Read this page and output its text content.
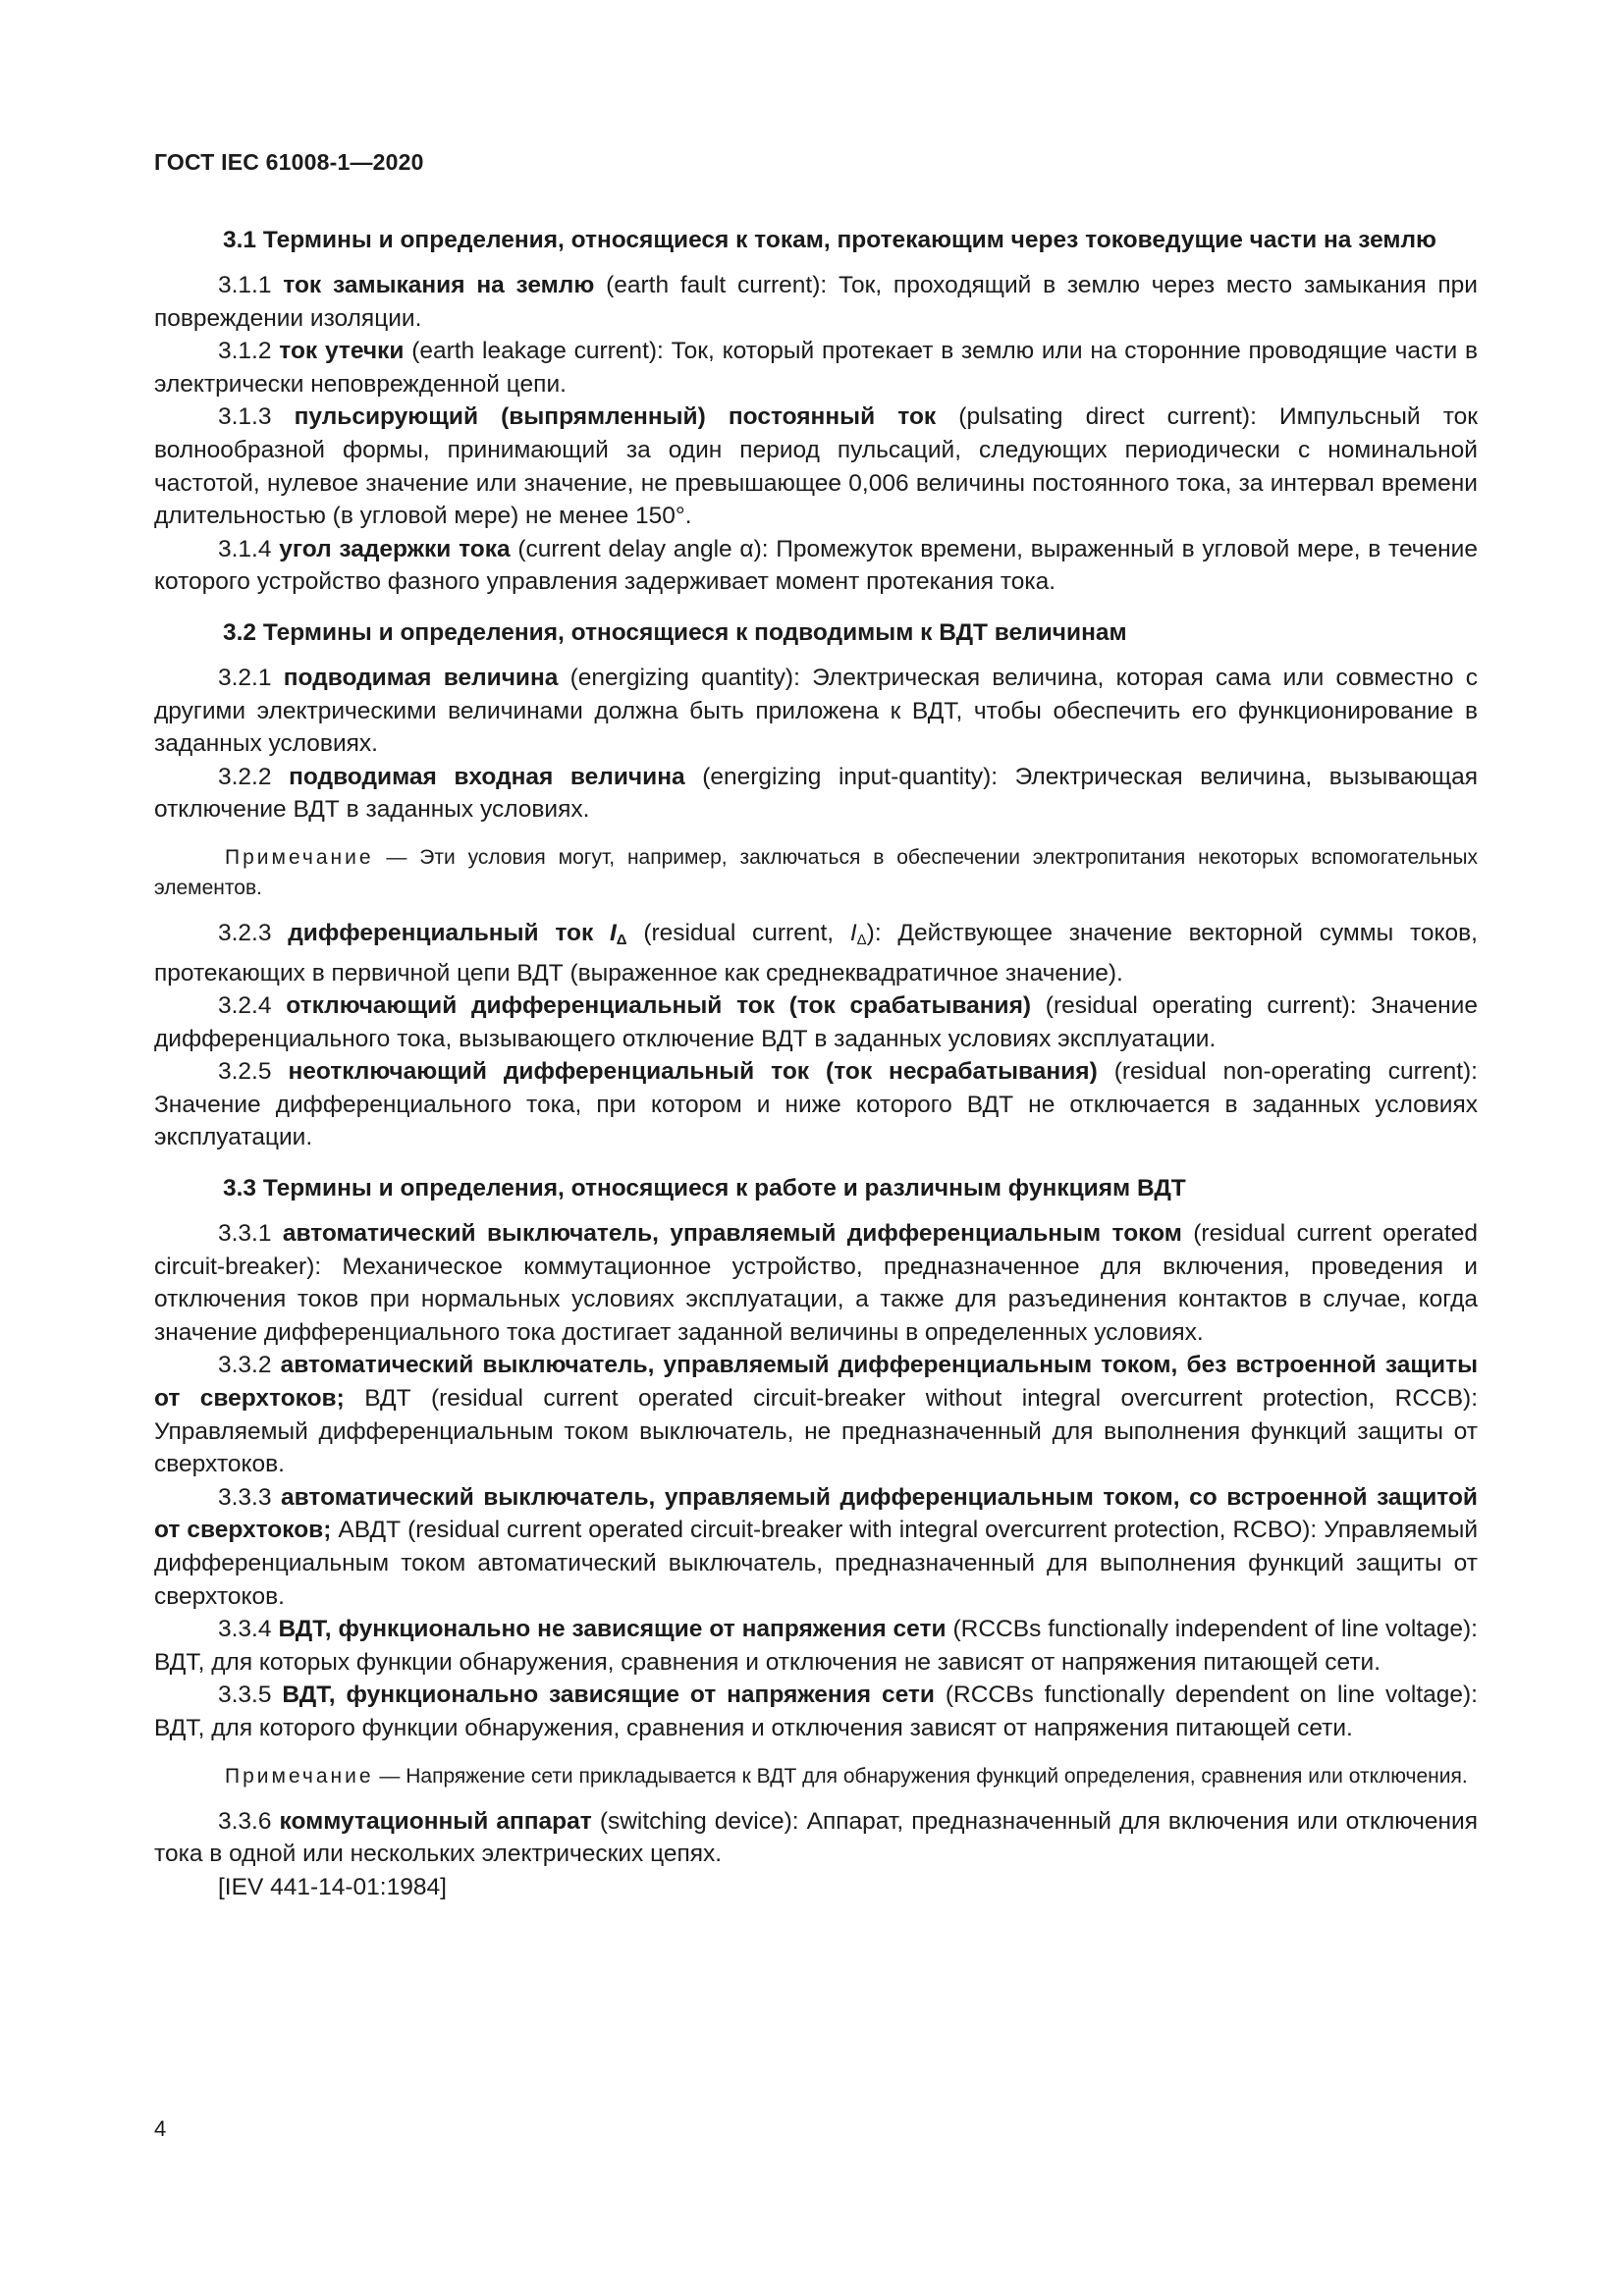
ГОСТ IEC 61008-1—2020

3.1 Термины и определения, относящиеся к токам, протекающим через токоведущие части на землю

3.1.1 ток замыкания на землю (earth fault current): Ток, проходящий в землю через место замыкания при повреждении изоляции.

3.1.2 ток утечки (earth leakage current): Ток, который протекает в землю или на сторонние проводящие части в электрически неповрежденной цепи.

3.1.3 пульсирующий (выпрямленный) постоянный ток (pulsating direct current): Импульсный ток волнообразной формы, принимающий за один период пульсаций, следующих периодически с номинальной частотой, нулевое значение или значение, не превышающее 0,006 величины постоянного тока, за интервал времени длительностью (в угловой мере) не менее 150°.

3.1.4 угол задержки тока (current delay angle α): Промежуток времени, выраженный в угловой мере, в течение которого устройство фазного управления задерживает момент протекания тока.

3.2 Термины и определения, относящиеся к подводимым к ВДТ величинам

3.2.1 подводимая величина (energizing quantity): Электрическая величина, которая сама или совместно с другими электрическими величинами должна быть приложена к ВДТ, чтобы обеспечить его функционирование в заданных условиях.

3.2.2 подводимая входная величина (energizing input-quantity): Электрическая величина, вызывающая отключение ВДТ в заданных условиях.

Примечание — Эти условия могут, например, заключаться в обеспечении электропитания некоторых вспомогательных элементов.

3.2.3 дифференциальный ток $I_\Delta$ (residual current, $I_\Delta$): Действующее значение векторной суммы токов, протекающих в первичной цепи ВДТ (выраженное как среднеквадратичное значение).

3.2.4 отключающий дифференциальный ток (ток срабатывания) (residual operating current): Значение дифференциального тока, вызывающего отключение ВДТ в заданных условиях эксплуатации.

3.2.5 неотключающий дифференциальный ток (ток несрабатывания) (residual non-operating current): Значение дифференциального тока, при котором и ниже которого ВДТ не отключается в заданных условиях эксплуатации.

3.3 Термины и определения, относящиеся к работе и различным функциям ВДТ

3.3.1 автоматический выключатель, управляемый дифференциальным током (residual current operated circuit-breaker): Механическое коммутационное устройство, предназначенное для включения, проведения и отключения токов при нормальных условиях эксплуатации, а также для разъединения контактов в случае, когда значение дифференциального тока достигает заданной величины в определенных условиях.

3.3.2 автоматический выключатель, управляемый дифференциальным током, без встроенной защиты от сверхтоков; ВДТ (residual current operated circuit-breaker without integral overcurrent protection, RCCB): Управляемый дифференциальным током выключатель, не предназначенный для выполнения функций защиты от сверхтоков.

3.3.3 автоматический выключатель, управляемый дифференциальным током, со встроенной защитой от сверхтоков; АВДТ (residual current operated circuit-breaker with integral overcurrent protection, RCBO): Управляемый дифференциальным током автоматический выключатель, предназначенный для выполнения функций защиты от сверхтоков.

3.3.4 ВДТ, функционально не зависящие от напряжения сети (RCCBs functionally independent of line voltage): ВДТ, для которых функции обнаружения, сравнения и отключения не зависят от напряжения питающей сети.

3.3.5 ВДТ, функционально зависящие от напряжения сети (RCCBs functionally dependent on line voltage): ВДТ, для которого функции обнаружения, сравнения и отключения зависят от напряжения питающей сети.

Примечание — Напряжение сети прикладывается к ВДТ для обнаружения функций определения, сравнения или отключения.

3.3.6 коммутационный аппарат (switching device): Аппарат, предназначенный для включения или отключения тока в одной или нескольких электрических цепях.

[IEV 441-14-01:1984]

4
